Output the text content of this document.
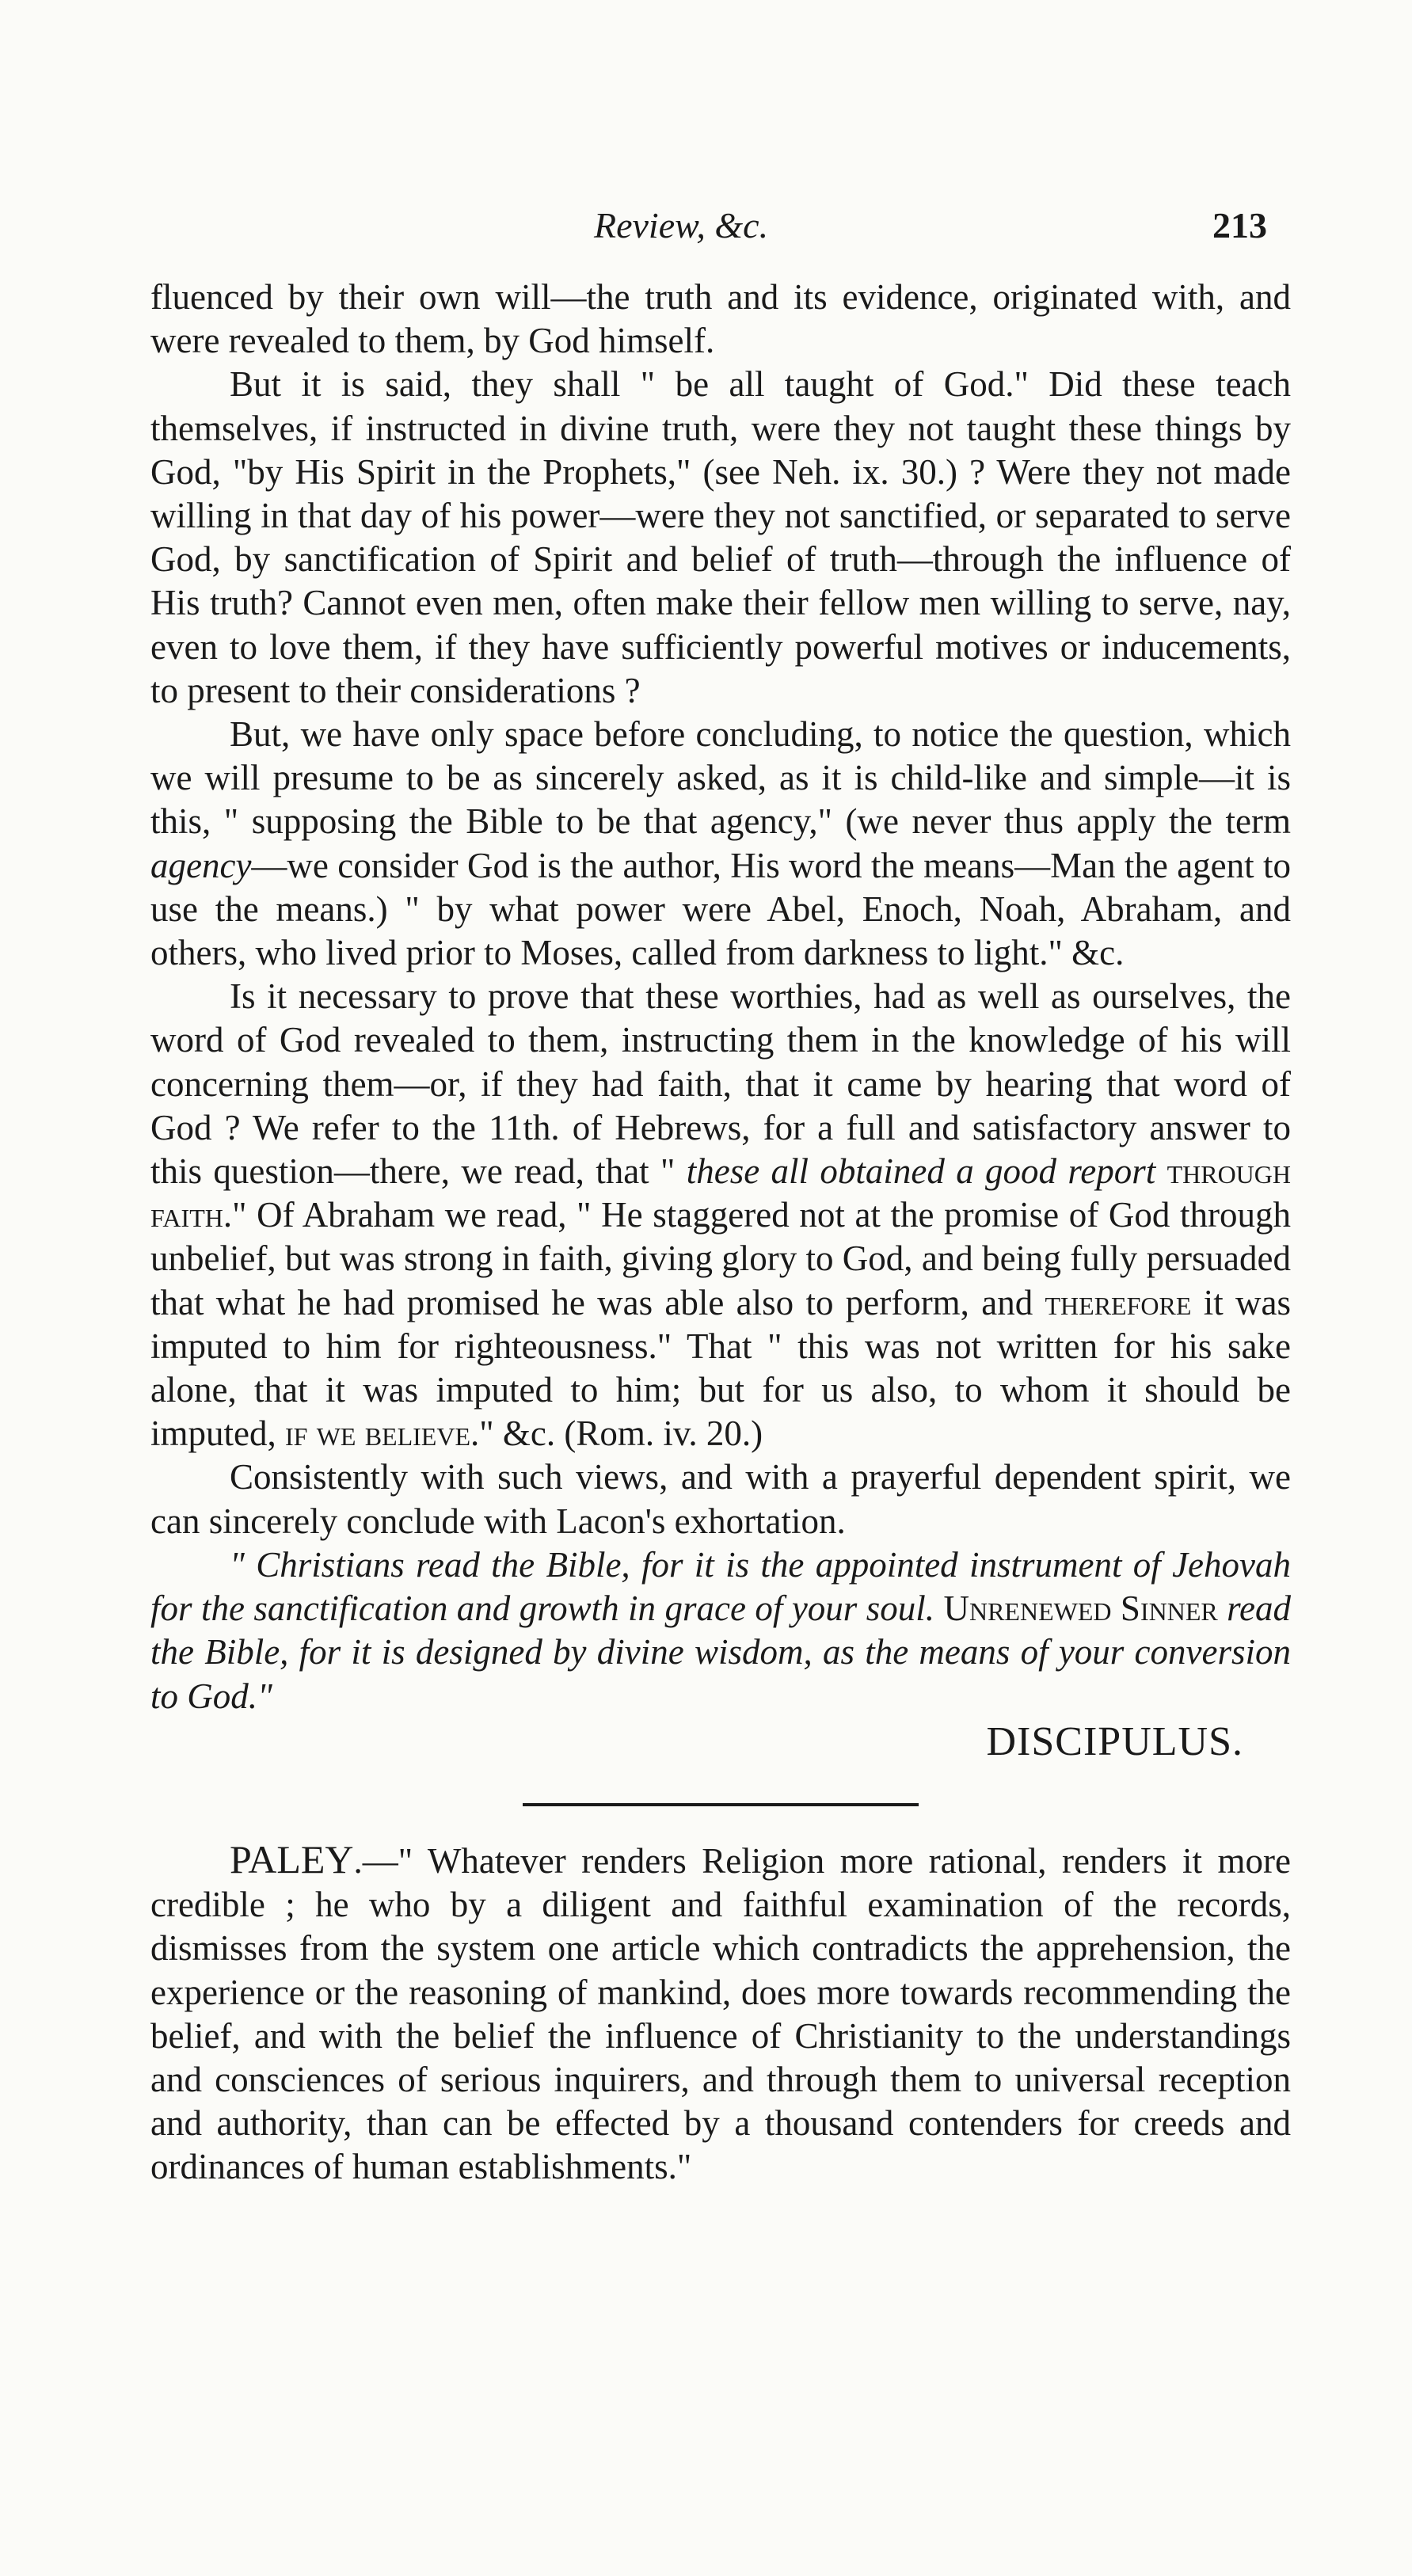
Review, &c.	213

fluenced by their own will—the truth and its evidence, originated with, and were revealed to them, by God himself.

But it is said, they shall " be all taught of God." Did these teach themselves, if instructed in divine truth, were they not taught these things by God, "by His Spirit in the Prophets," (see Neh. ix. 30.) ? Were they not made willing in that day of his power—were they not sanctified, or separated to serve God, by sanctification of Spirit and belief of truth—through the influence of His truth? Cannot even men, often make their fellow men willing to serve, nay, even to love them, if they have sufficiently powerful motives or inducements, to present to their considerations ?

But, we have only space before concluding, to notice the question, which we will presume to be as sincerely asked, as it is child-like and simple—it is this, " supposing the Bible to be that agency," (we never thus apply the term agency—we consider God is the author, His word the means—Man the agent to use the means.) " by what power were Abel, Enoch, Noah, Abraham, and others, who lived prior to Moses, called from darkness to light." &c.

Is it necessary to prove that these worthies, had as well as ourselves, the word of God revealed to them, instructing them in the knowledge of his will concerning them—or, if they had faith, that it came by hearing that word of God ? We refer to the 11th. of Hebrews, for a full and satisfactory answer to this question—there, we read, that " these all obtained a good report through faith." Of Abraham we read, " He staggered not at the promise of God through unbelief, but was strong in faith, giving glory to God, and being fully persuaded that what he had promised he was able also to perform, and therefore it was imputed to him for righteousness." That " this was not written for his sake alone, that it was imputed to him; but for us also, to whom it should be imputed, if we believe." &c. (Rom. iv. 20.)

Consistently with such views, and with a prayerful dependent spirit, we can sincerely conclude with Lacon's exhortation.

" Christians read the Bible, for it is the appointed instrument of Jehovah for the sanctification and growth in grace of your soul. Unrenewed Sinner read the Bible, for it is designed by divine wisdom, as the means of your conversion to God."

DISCIPULUS.

PALEY.—" Whatever renders Religion more rational, renders it more credible ; he who by a diligent and faithful examination of the records, dismisses from the system one article which contradicts the apprehension, the experience or the reasoning of mankind, does more towards recommending the belief, and with the belief the influence of Christianity to the understandings and consciences of serious inquirers, and through them to universal reception and authority, than can be effected by a thousand contenders for creeds and ordinances of human establishments."
